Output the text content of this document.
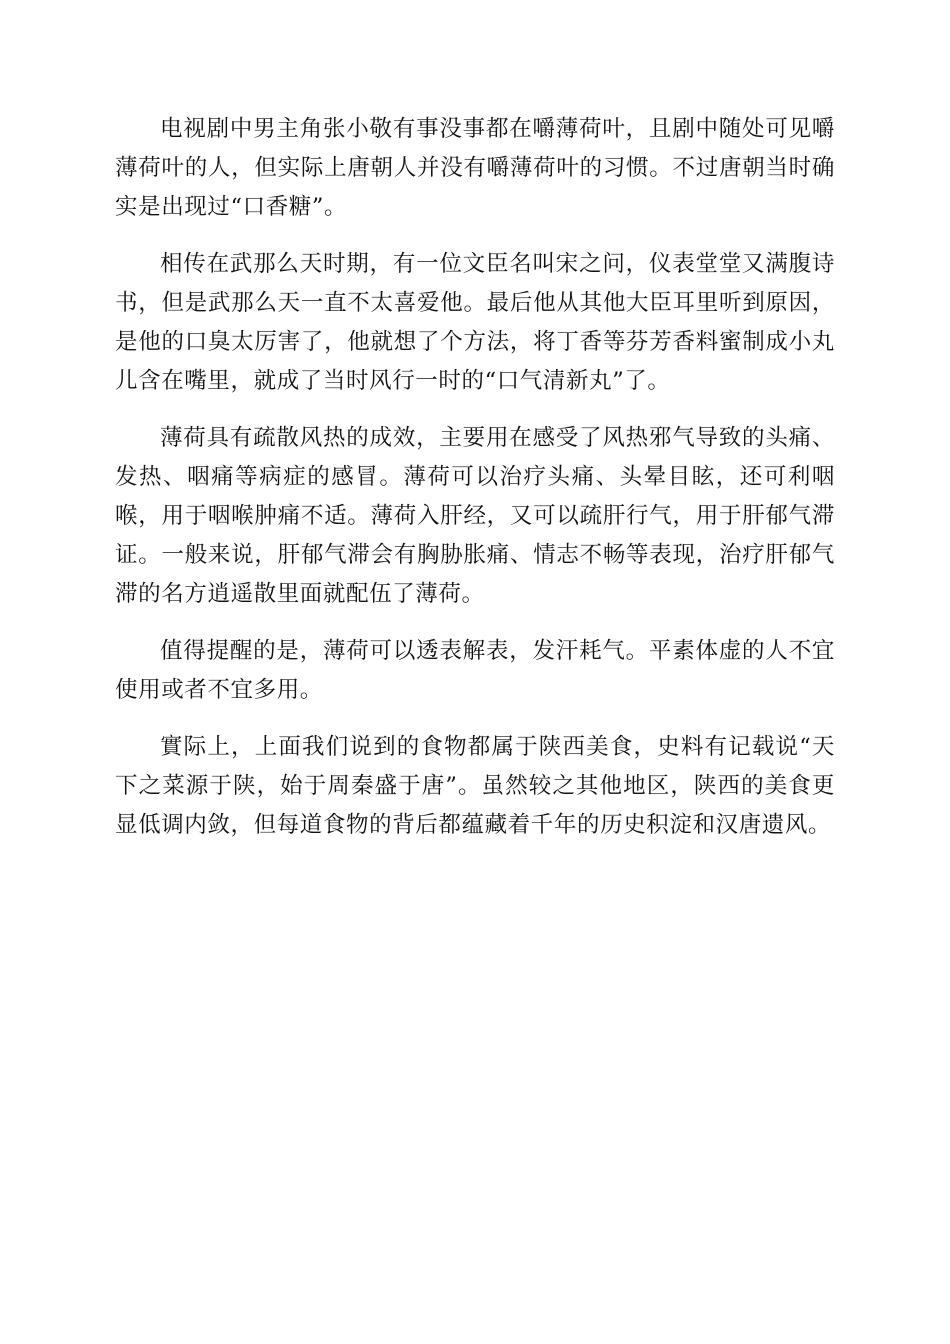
电视剧中男主角张小敬有事没事都在嚼薄荷叶，且剧中随处可见嚼薄荷叶的人，但实际上唐朝人并没有嚼薄荷叶的习惯。不过唐朝当时确实是出现过“口香糖”。

相传在武那么天时期，有一位文臣名叫宋之问，仪表堂堂又满腹诗书，但是武那么天一直不太喜爱他。最后他从其他大臣耳里听到原因，是他的口臭太厉害了，他就想了个方法，将丁香等芬芳香料蜜制成小丸儿含在嘴里，就成了当时风行一时的“口气清新丸”了。

薄荷具有疏散风热的成效，主要用在感受了风热邪气导致的头痛、发热、咽痛等病症的感冒。薄荷可以治疗头痛、头晕目眩，还可利咽喉，用于咽喉肿痛不适。薄荷入肝经，又可以疏肝行气，用于肝郁气滞证。一般来说，肝郁气滞会有胸胁胀痛、情志不畅等表现，治疗肝郁气滞的名方逍遥散里面就配伍了薄荷。

值得提醒的是，薄荷可以透表解表，发汗耗气。平素体虚的人不宜使用或者不宜多用。

實际上，上面我们说到的食物都属于陕西美食，史料有记载说“天下之菜源于陕，始于周秦盛于唐”。虽然较之其他地区，陕西的美食更显低调内敛，但每道食物的背后都蕴藏着千年的历史积淀和汉唐遗风。
